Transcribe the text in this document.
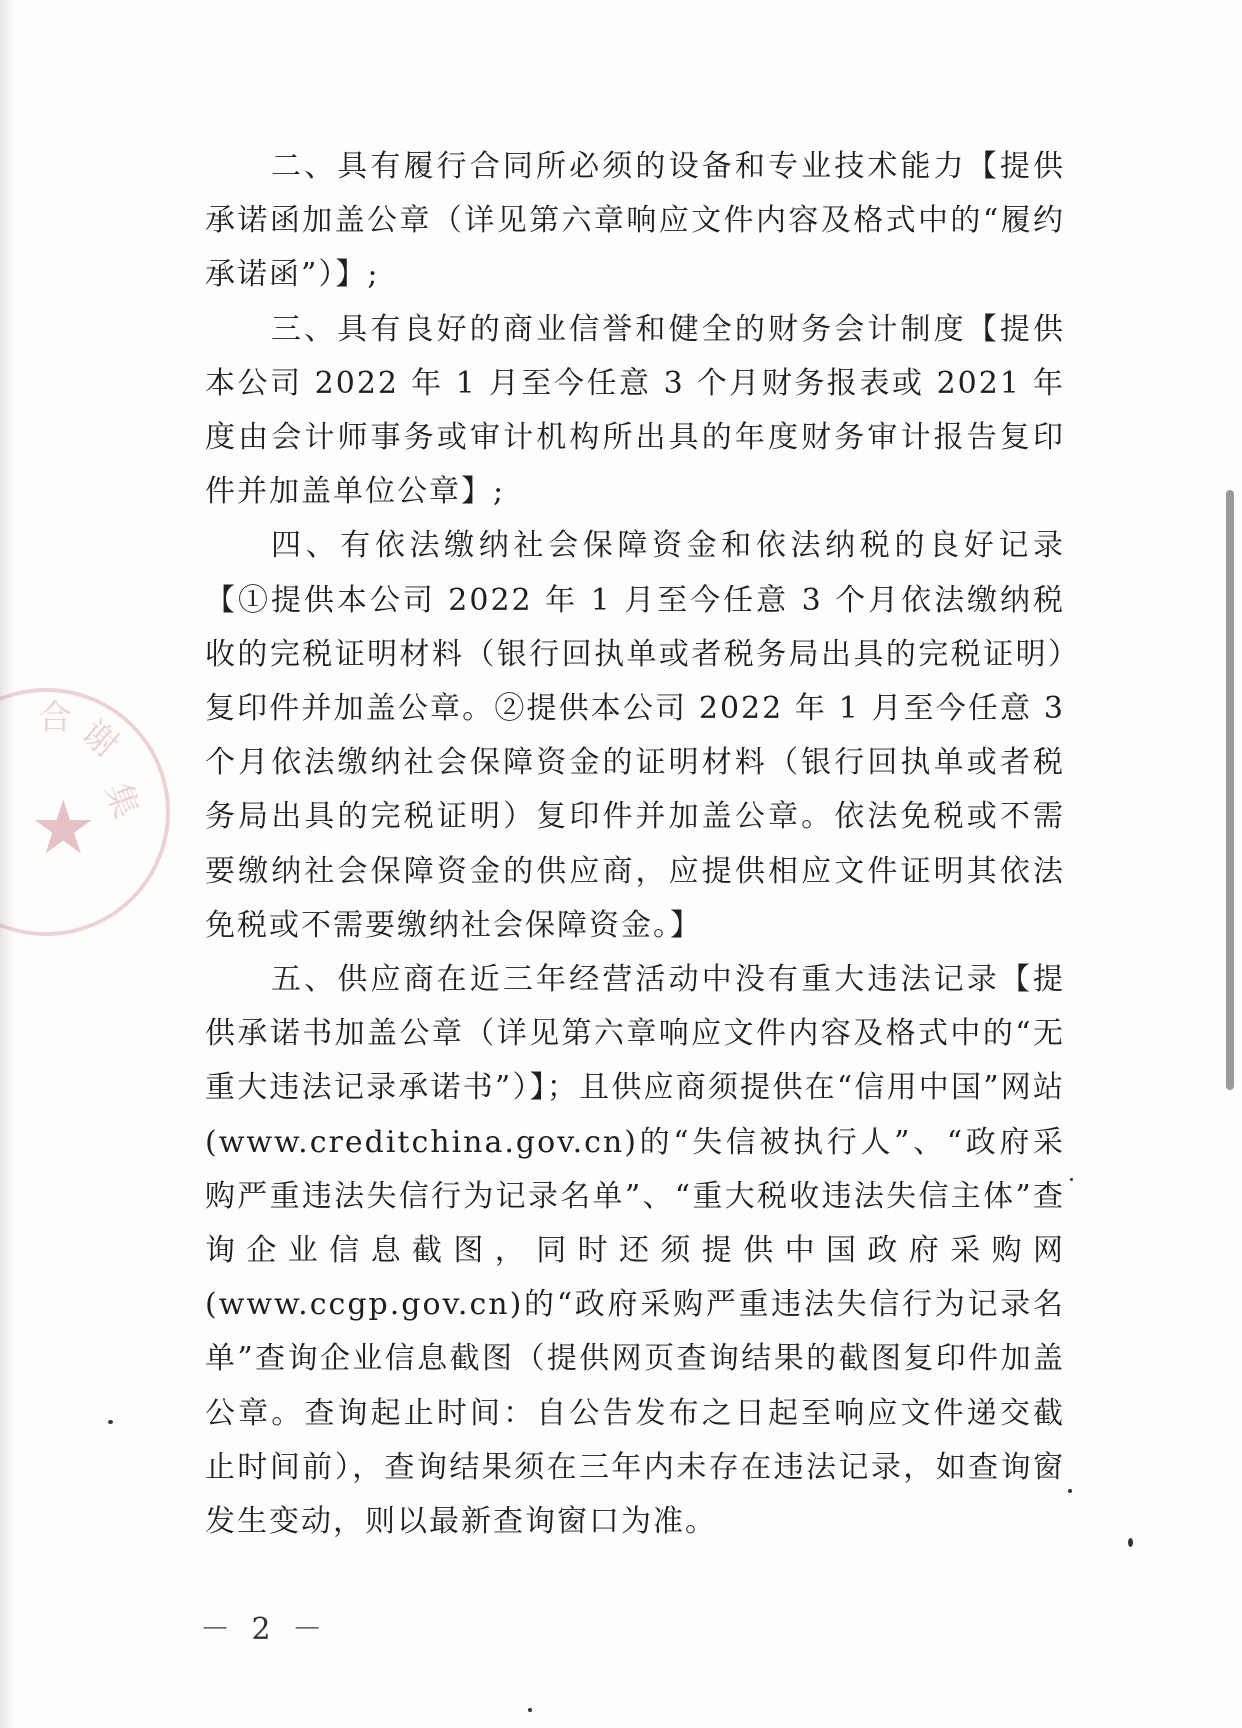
★
合 谢
集

二、具有履行合同所必须的设备和专业技术能力【提供承诺函加盖公章（详见第六章响应文件内容及格式中的“履约承诺函”）】;

三、具有良好的商业信誉和健全的财务会计制度【提供本公司 2022 年 1 月至今任意 3 个月财务报表或 2021 年度由会计师事务或审计机构所出具的年度财务审计报告复印件并加盖单位公章】;

四、有依法缴纳社会保障资金和依法纳税的良好记录【①提供本公司 2022 年 1 月至今任意 3 个月依法缴纳税收的完税证明材料（银行回执单或者税务局出具的完税证明）复印件并加盖公章。②提供本公司 2022 年 1 月至今任意 3 个月依法缴纳社会保障资金的证明材料（银行回执单或者税务局出具的完税证明）复印件并加盖公章。依法免税或不需要缴纳社会保障资金的供应商，应提供相应文件证明其依法免税或不需要缴纳社会保障资金。】

五、供应商在近三年经营活动中没有重大违法记录【提供承诺书加盖公章（详见第六章响应文件内容及格式中的“无重大违法记录承诺书”）】；且供应商须提供在“信用中国”网站(www.creditchina.gov.cn)的“失信被执行人”、“政府采购严重违法失信行为记录名单”、“重大税收违法失信主体”查询企业信息截图，同时还须提供中国政府采购网(www.ccgp.gov.cn)的“政府采购严重违法失信行为记录名单”查询企业信息截图（提供网页查询结果的截图复印件加盖公章。查询起止时间：自公告发布之日起至响应文件递交截止时间前），查询结果须在三年内未存在违法记录，如查询窗发生变动，则以最新查询窗口为准。

－ 2 －
